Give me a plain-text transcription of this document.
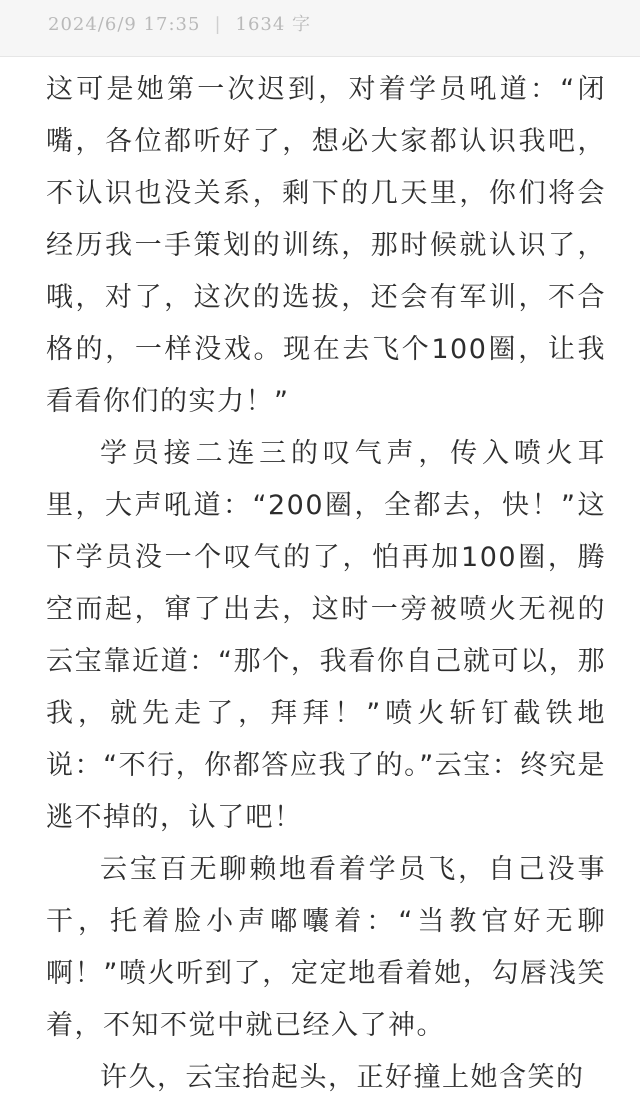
2024/6/9 17:35 | 1634 字

这可是她第一次迟到，对着学员吼道：“闭嘴，各位都听好了，想必大家都认识我吧，不认识也没关系，剩下的几天里，你们将会经历我一手策划的训练，那时候就认识了，哦，对了，这次的选拔，还会有军训，不合格的，一样没戏。现在去飞个100圈，让我看看你们的实力！”

学员接二连三的叹气声，传入喷火耳里，大声吼道：“200圈，全都去，快！”这下学员没一个叹气的了，怕再加100圈，腾空而起，窜了出去，这时一旁被喷火无视的云宝靠近道：“那个，我看你自己就可以，那我，就先走了，拜拜！”喷火斩钉截铁地说：“不行，你都答应我了的。”云宝：终究是逃不掉的，认了吧！

云宝百无聊赖地看着学员飞，自己没事干，托着脸小声嘟囔着：“当教官好无聊啊！”喷火听到了，定定地看着她，勾唇浅笑着，不知不觉中就已经入了神。

许久，云宝抬起头，正好撞上她含笑的
